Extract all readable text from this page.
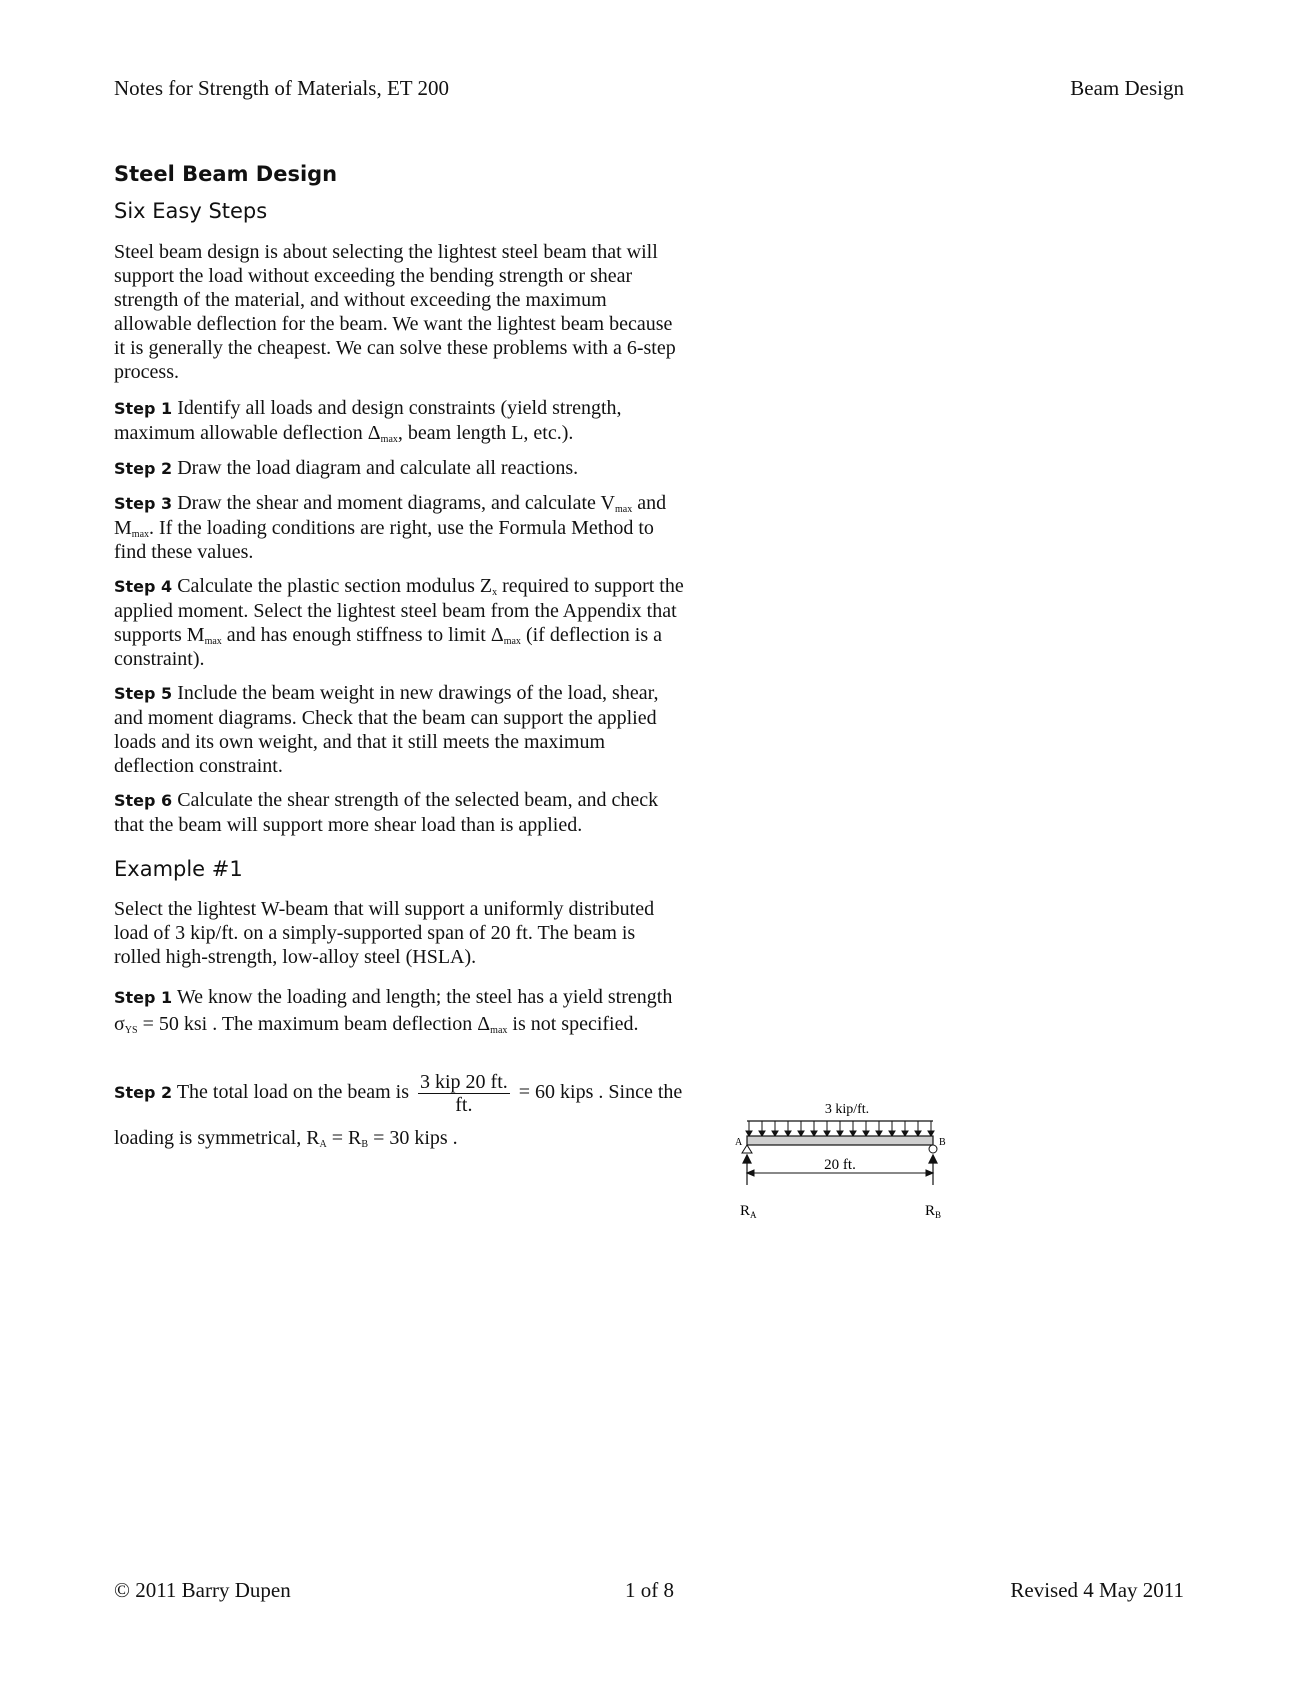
Notes for Strength of Materials, ET 200	Beam Design
Steel Beam Design
Six Easy Steps

Steel beam design is about selecting the lightest steel beam that will support the load without exceeding the bending strength or shear strength of the material, and without exceeding the maximum allowable deflection for the beam. We want the lightest beam because it is generally the cheapest. We can solve these problems with a 6-step process.

Step 1 Identify all loads and design constraints (yield strength, maximum allowable deflection $\Delta_{max}$, beam length L, etc.).

Step 2 Draw the load diagram and calculate all reactions.

Step 3 Draw the shear and moment diagrams, and calculate $V_{max}$ and $M_{max}$. If the loading conditions are right, use the Formula Method to find these values.

Step 4 Calculate the plastic section modulus $Z_x$ required to support the applied moment. Select the lightest steel beam from the Appendix that supports $M_{max}$ and has enough stiffness to limit $\Delta_{max}$ (if deflection is a constraint).

Step 5 Include the beam weight in new drawings of the load, shear, and moment diagrams. Check that the beam can support the applied loads and its own weight, and that it still meets the maximum deflection constraint.

Step 6 Calculate the shear strength of the selected beam, and check that the beam will support more shear load than is applied.

Example #1

Select the lightest W-beam that will support a uniformly distributed load of 3 kip/ft. on a simply-supported span of 20 ft. The beam is rolled high-strength, low-alloy steel (HSLA).

Step 1 We know the loading and length; the steel has a yield strength $\sigma_{YS} = 50$ ksi . The maximum beam deflection $\Delta_{max}$ is not specified.

Step 2 The total load on the beam is $\frac{\text{3 kip 20 ft.}}{ft.} = 60$ kips . Since the loading is symmetrical, $R_A = R_B = 30$ kips .

3 kip/ft.
A	B
20 ft.
$R_A$	$R_B$
© 2011 Barry Dupen	1 of 8	Revised 4 May 2011
